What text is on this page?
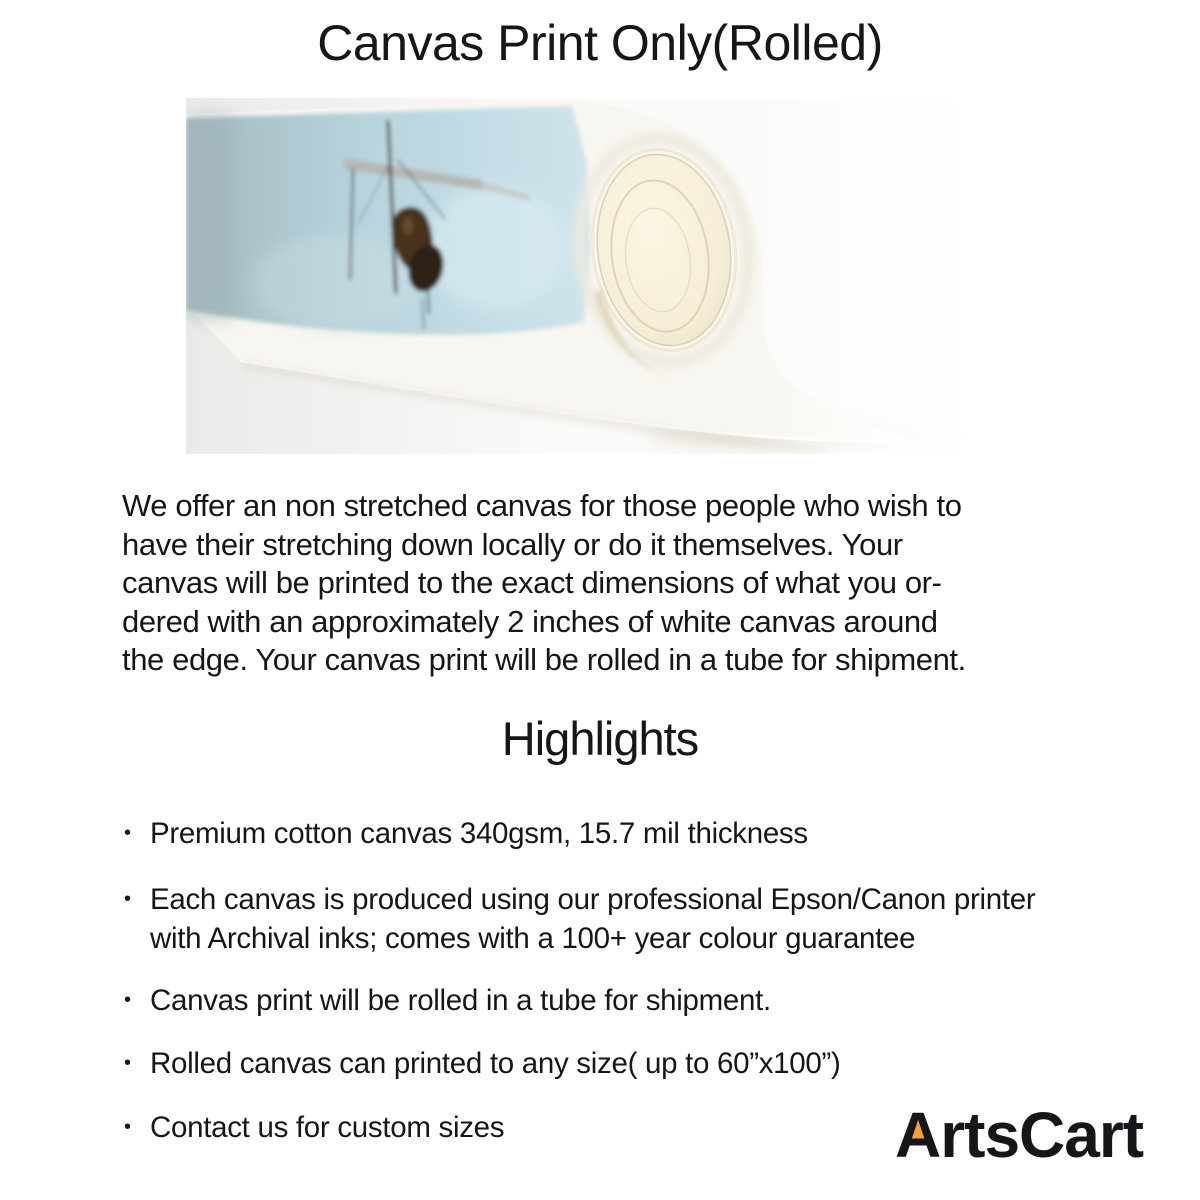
Canvas Print Only(Rolled)
We offer an non stretched canvas for those people who wish to
have their stretching down locally or do it themselves. Your
canvas will be printed to the exact dimensions of what you or-
dered with an approximately 2 inches of white canvas around
the edge. Your canvas print will be rolled in a tube for shipment.
Highlights
• Premium cotton canvas 340gsm, 15.7 mil thickness
• Each canvas is produced using our professional Epson/Canon printer
with Archival inks; comes with a 100+ year colour guarantee
• Canvas print will be rolled in a tube for shipment.
• Rolled canvas can printed to any size( up to 60”x100”)
• Contact us for custom sizes	ArtsCart
